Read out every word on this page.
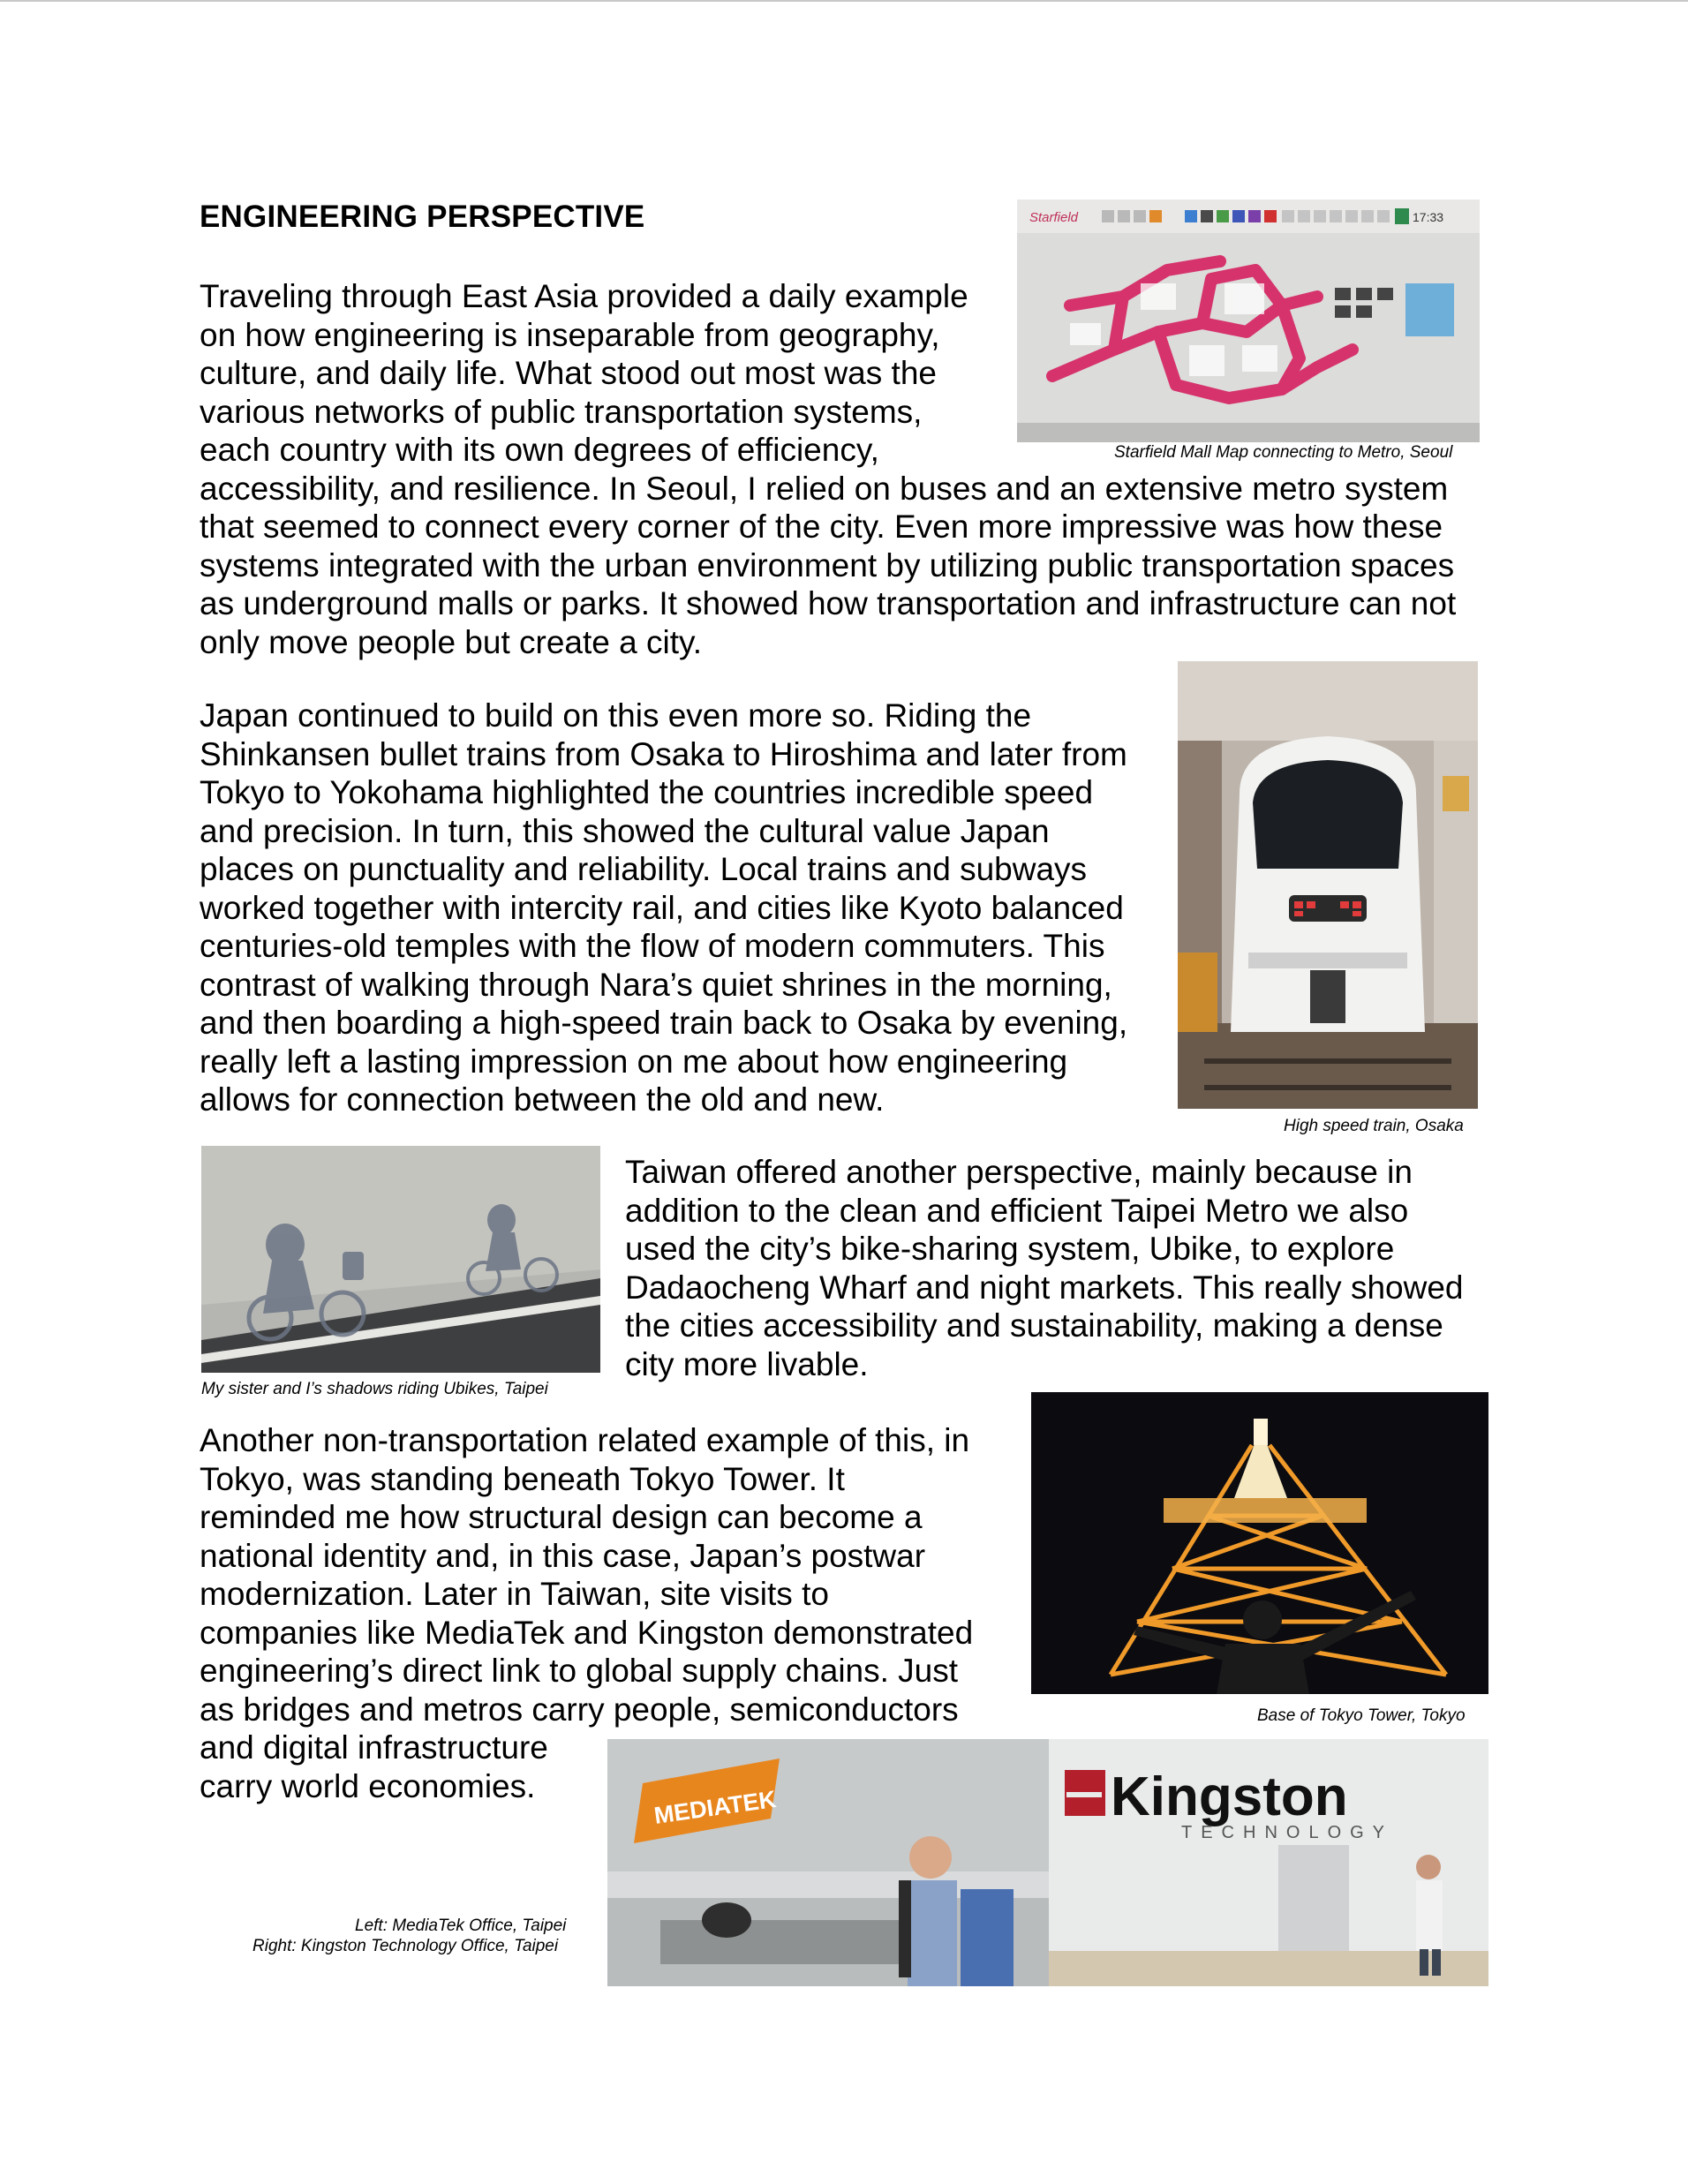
ENGINEERING PERSPECTIVE
Traveling through East Asia provided a daily example
on how engineering is inseparable from geography,
culture, and daily life. What stood out most was the
various networks of public transportation systems,
each country with its own degrees of efficiency,
accessibility, and resilience. In Seoul, I relied on buses and an extensive metro system
that seemed to connect every corner of the city. Even more impressive was how these
systems integrated with the urban environment by utilizing public transportation spaces
as underground malls or parks. It showed how transportation and infrastructure can not
only move people but create a city.
Starfield	17:33
Starfield Mall Map connecting to Metro, Seoul
Japan continued to build on this even more so. Riding the
Shinkansen bullet trains from Osaka to Hiroshima and later from
Tokyo to Yokohama highlighted the countries incredible speed
and precision. In turn, this showed the cultural value Japan
places on punctuality and reliability. Local trains and subways
worked together with intercity rail, and cities like Kyoto balanced
centuries-old temples with the flow of modern commuters. This
contrast of walking through Nara’s quiet shrines in the morning,
and then boarding a high-speed train back to Osaka by evening,
really left a lasting impression on me about how engineering
allows for connection between the old and new.
High speed train, Osaka
My sister and I’s shadows riding Ubikes, Taipei
Taiwan offered another perspective, mainly because in
addition to the clean and efficient Taipei Metro we also
used the city’s bike-sharing system, Ubike, to explore
Dadaocheng Wharf and night markets. This really showed
the cities accessibility and sustainability, making a dense
city more livable.
Base of Tokyo Tower, Tokyo
Another non-transportation related example of this, in
Tokyo, was standing beneath Tokyo Tower. It
reminded me how structural design can become a
national identity and, in this case, Japan’s postwar
modernization. Later in Taiwan, site visits to
companies like MediaTek and Kingston demonstrated
engineering’s direct link to global supply chains. Just
as bridges and metros carry people, semiconductors
and digital infrastructure
carry world economies.	MEDIATEK	Kingston
TECHNOLOGY
Left: MediaTek Office, Taipei
Right: Kingston Technology Office, Taipei
